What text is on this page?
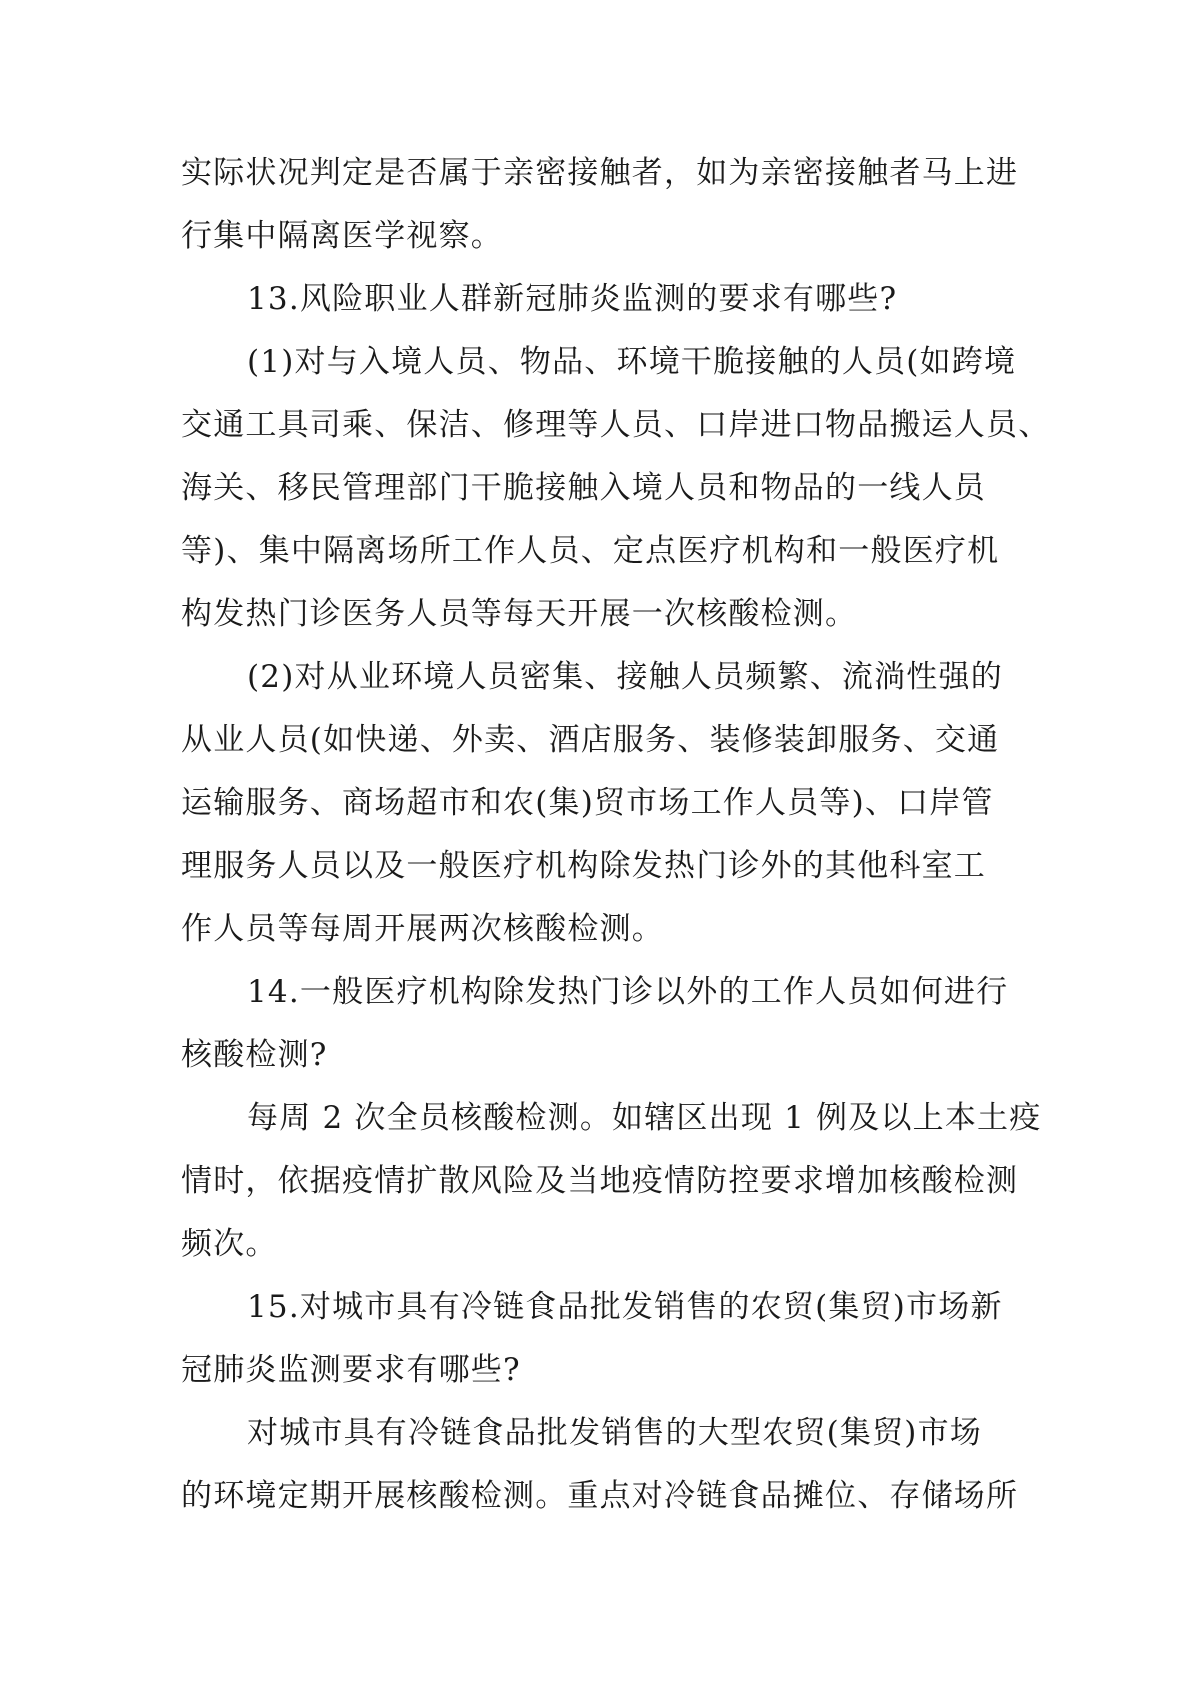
实际状况判定是否属于亲密接触者，如为亲密接触者马上进
行集中隔离医学视察。
13.风险职业人群新冠肺炎监测的要求有哪些?
(1)对与入境人员、物品、环境干脆接触的人员(如跨境
交通工具司乘、保洁、修理等人员、口岸进口物品搬运人员、
海关、移民管理部门干脆接触入境人员和物品的一线人员
等)、集中隔离场所工作人员、定点医疗机构和一般医疗机
构发热门诊医务人员等每天开展一次核酸检测。
(2)对从业环境人员密集、接触人员频繁、流淌性强的
从业人员(如快递、外卖、酒店服务、装修装卸服务、交通
运输服务、商场超市和农(集)贸市场工作人员等)、口岸管
理服务人员以及一般医疗机构除发热门诊外的其他科室工
作人员等每周开展两次核酸检测。
14.一般医疗机构除发热门诊以外的工作人员如何进行
核酸检测?
每周 2 次全员核酸检测。如辖区出现 1 例及以上本土疫
情时，依据疫情扩散风险及当地疫情防控要求增加核酸检测
频次。
15.对城市具有冷链食品批发销售的农贸(集贸)市场新
冠肺炎监测要求有哪些?
对城市具有冷链食品批发销售的大型农贸(集贸)市场
的环境定期开展核酸检测。重点对冷链食品摊位、存储场所
